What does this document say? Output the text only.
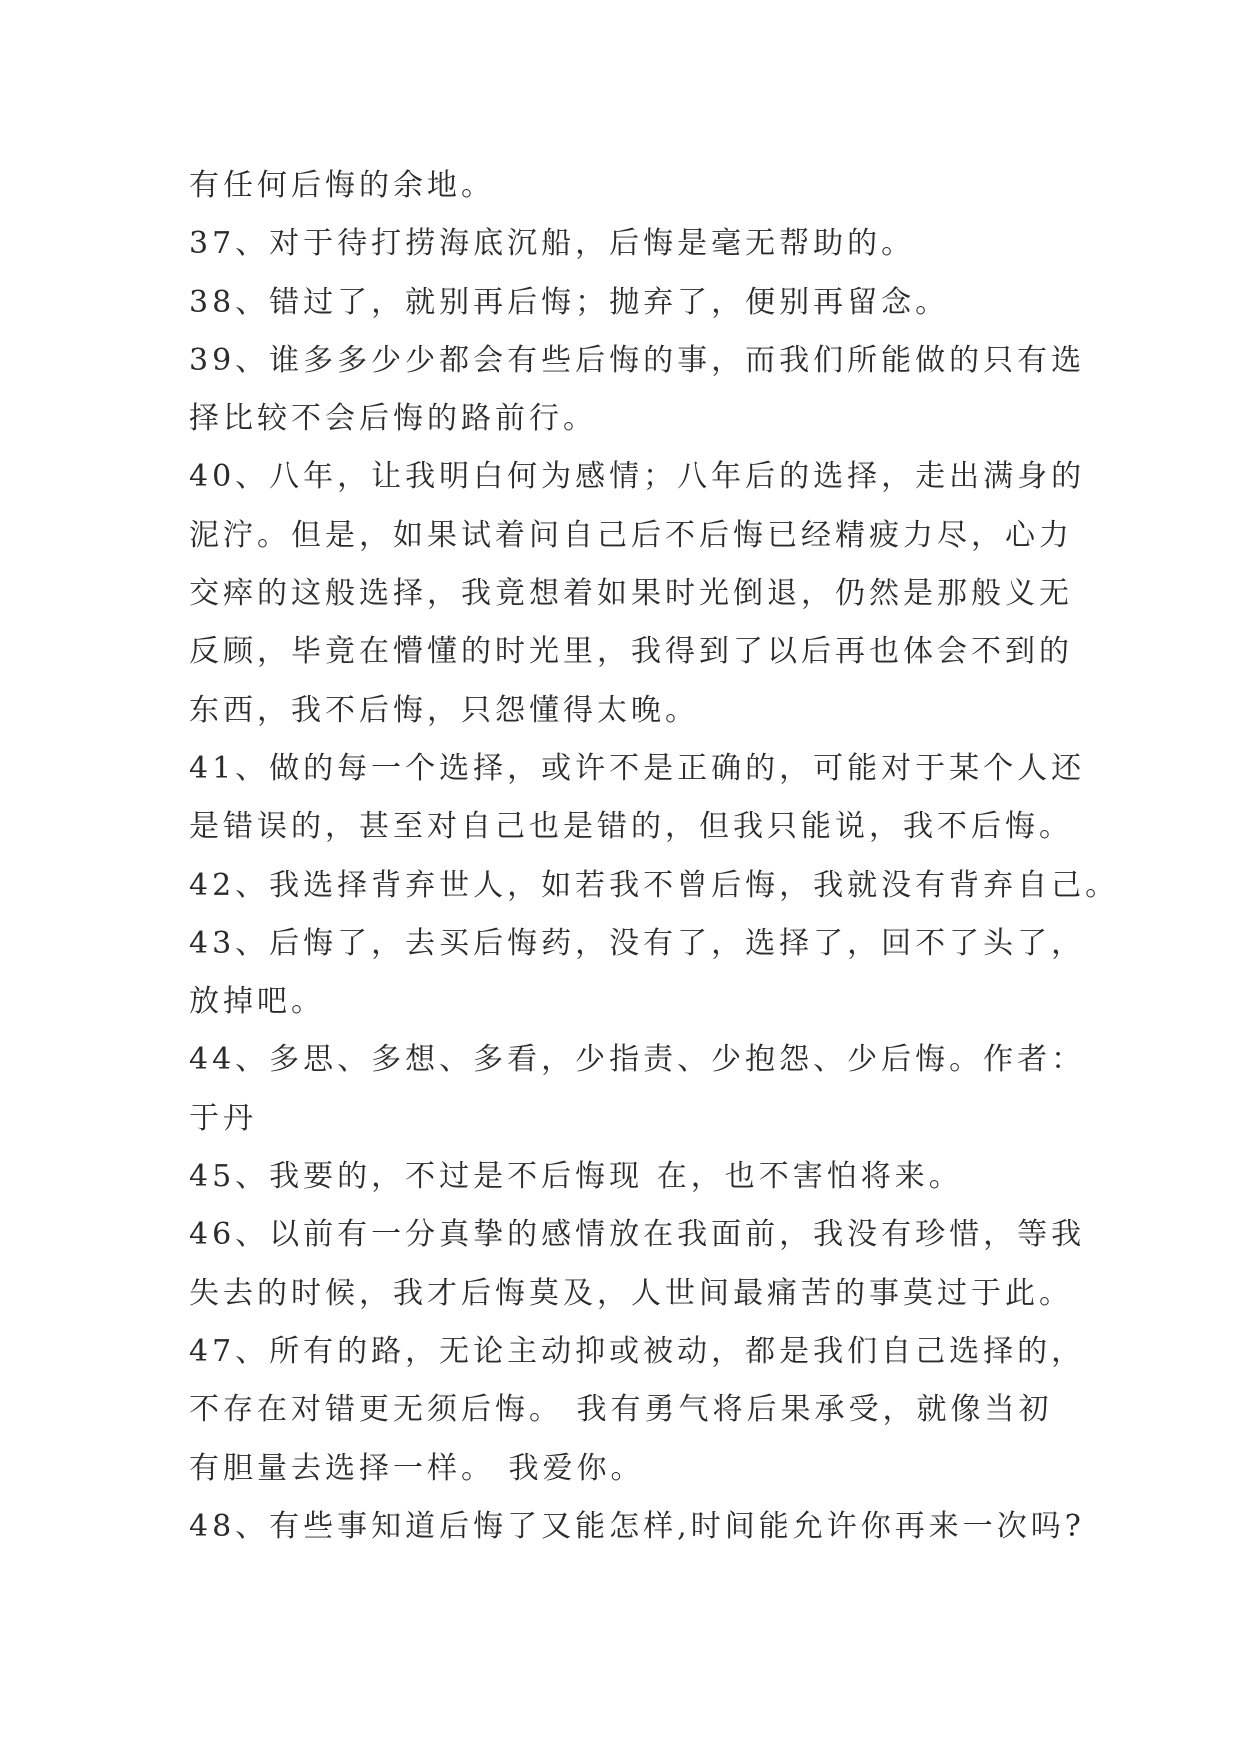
有任何后悔的余地。
37、对于待打捞海底沉船，后悔是毫无帮助的。
38、错过了，就别再后悔；抛弃了，便别再留念。
39、谁多多少少都会有些后悔的事，而我们所能做的只有选
择比较不会后悔的路前行。
40、八年，让我明白何为感情；八年后的选择，走出满身的
泥泞。但是，如果试着问自己后不后悔已经精疲力尽，心力
交瘁的这般选择，我竟想着如果时光倒退，仍然是那般义无
反顾，毕竟在懵懂的时光里，我得到了以后再也体会不到的
东西，我不后悔，只怨懂得太晚。
41、做的每一个选择，或许不是正确的，可能对于某个人还
是错误的，甚至对自己也是错的，但我只能说，我不后悔。
42、我选择背弃世人，如若我不曾后悔，我就没有背弃自己。
43、后悔了，去买后悔药，没有了，选择了，回不了头了，
放掉吧。
44、多思、多想、多看，少指责、少抱怨、少后悔。作者：
于丹
45、我要的，不过是不后悔现 在，也不害怕将来。
46、以前有一分真挚的感情放在我面前，我没有珍惜，等我
失去的时候，我才后悔莫及，人世间最痛苦的事莫过于此。
47、所有的路，无论主动抑或被动，都是我们自己选择的，
不存在对错更无须后悔。 我有勇气将后果承受，就像当初
有胆量去选择一样。 我爱你。
48、有些事知道后悔了又能怎样,时间能允许你再来一次吗?
